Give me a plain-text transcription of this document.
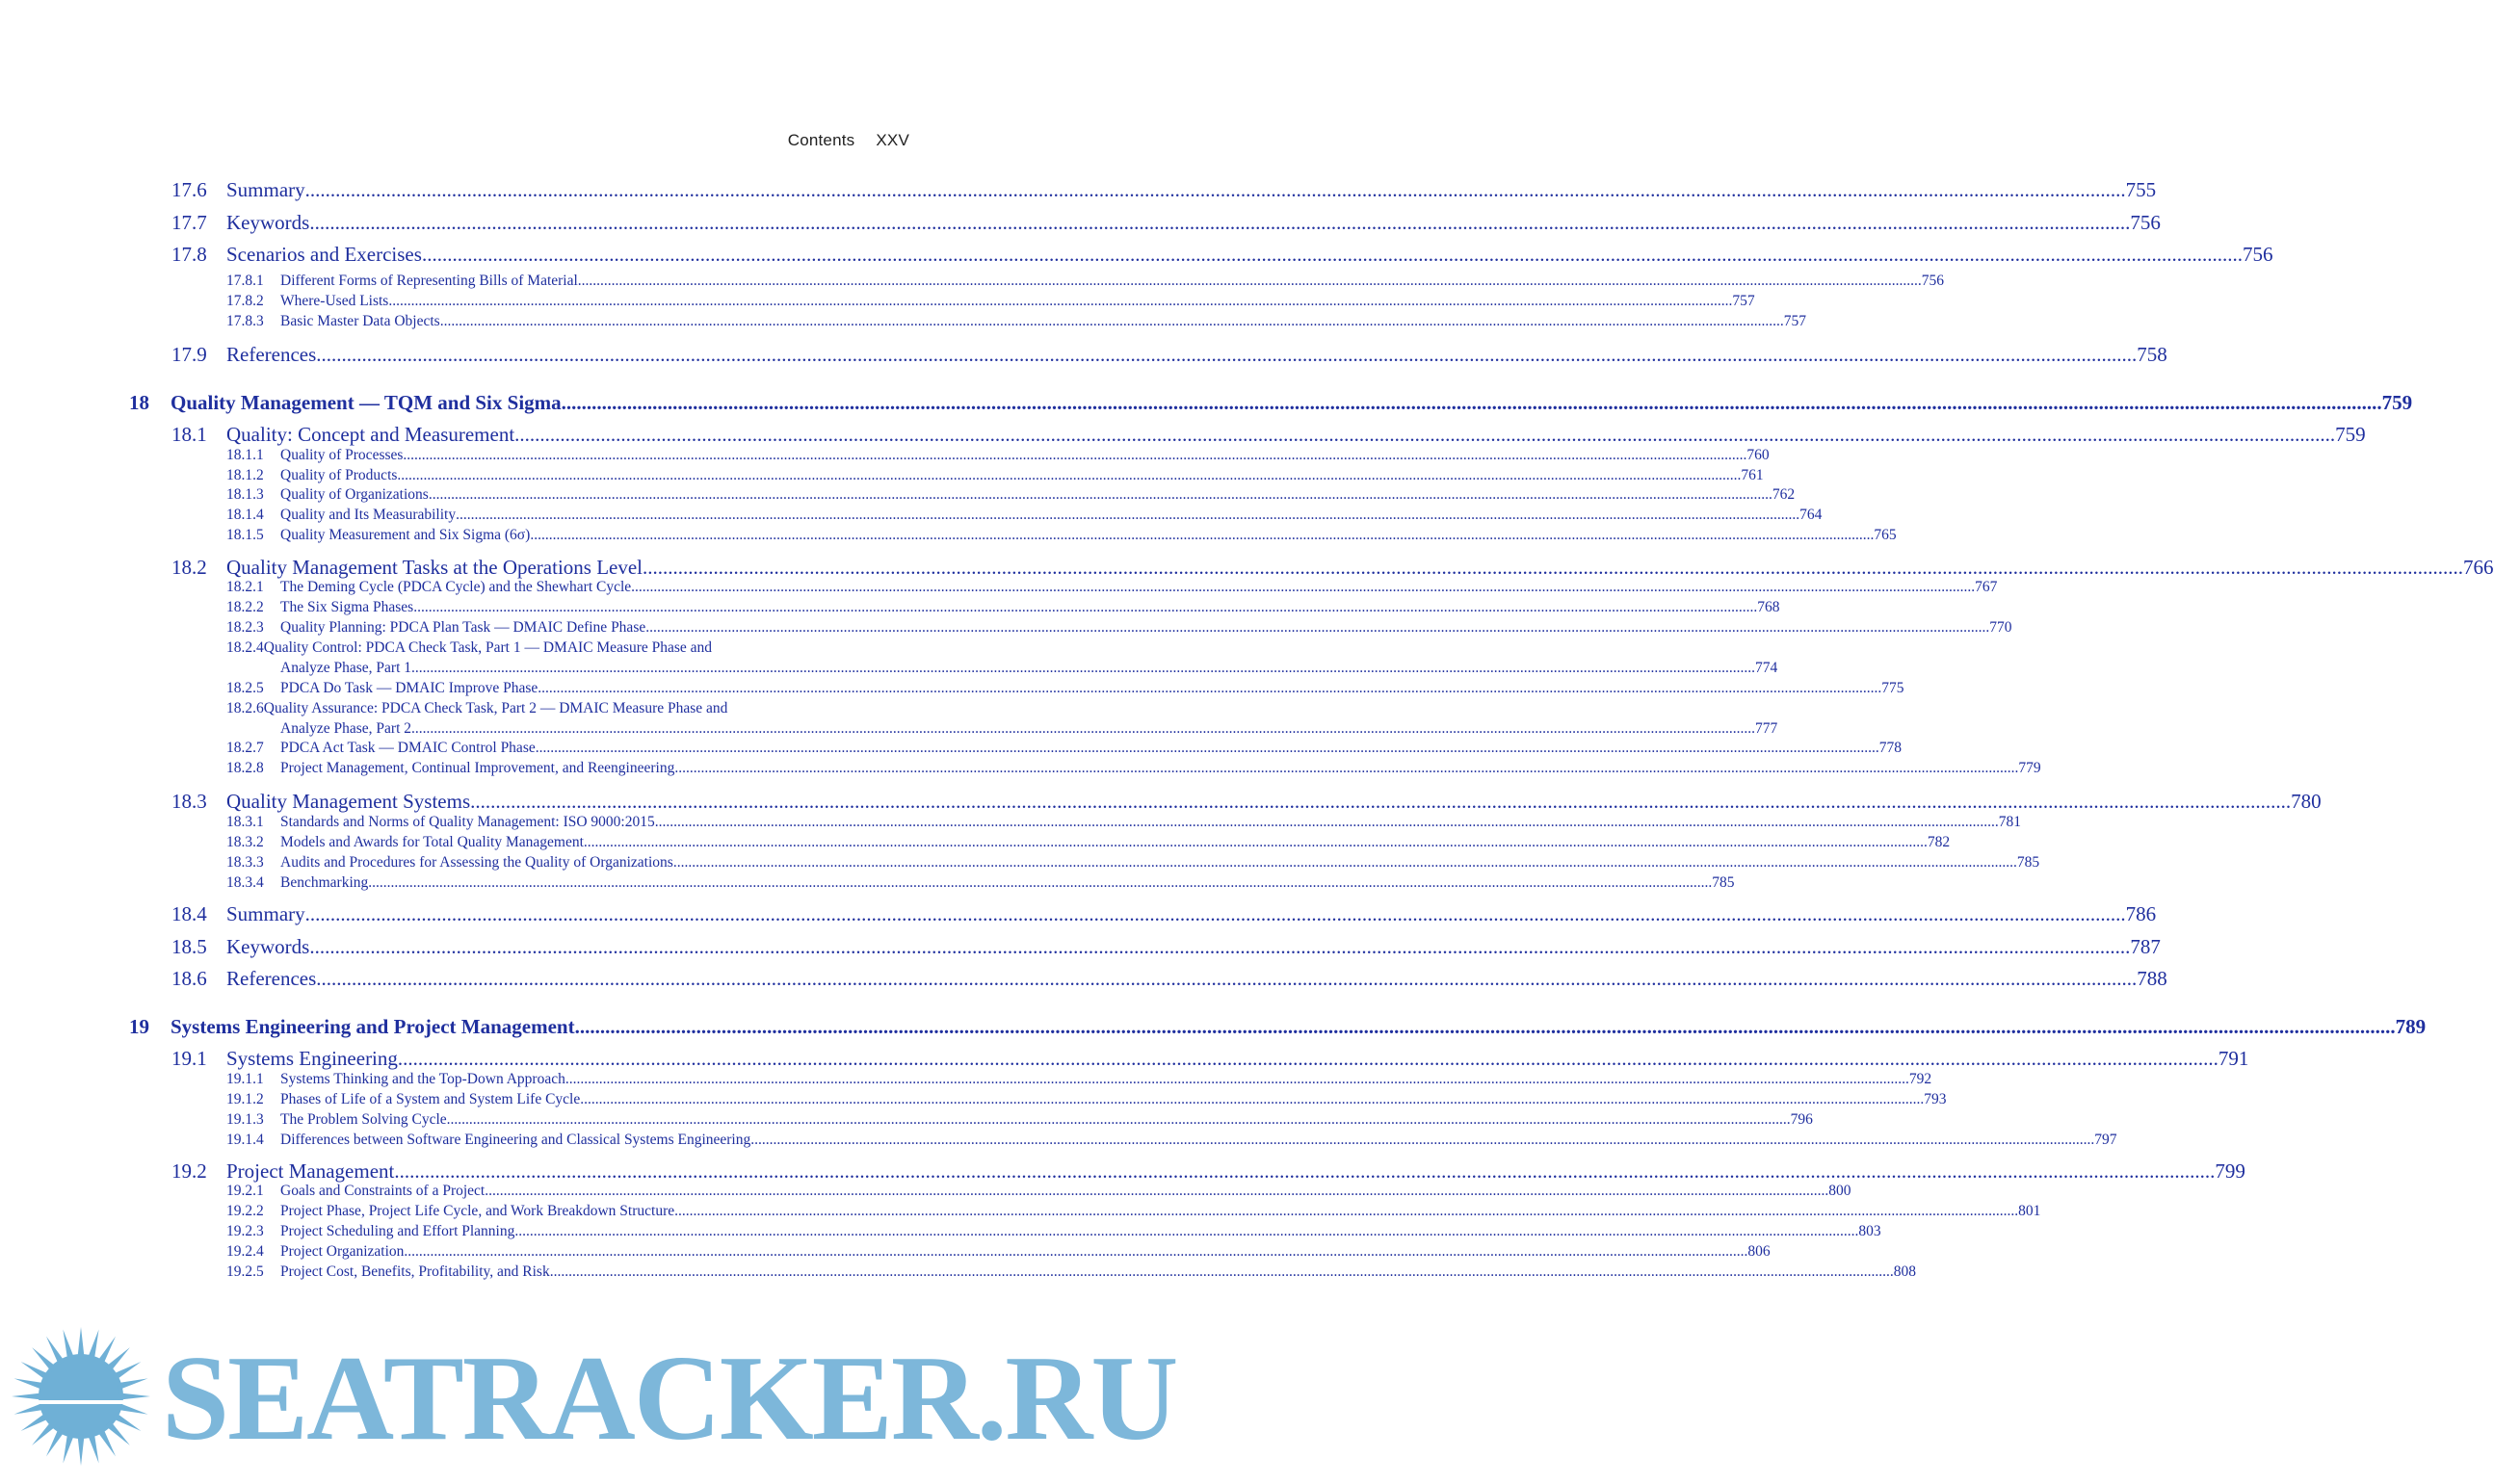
Contents XXV
17.6 Summary .....	755
17.7 Keywords .....	756
17.8 Scenarios and Exercises .....	756
17.8.1	Different Forms of Representing Bills of Material .....	756
17.8.2	Where-Used Lists .....	757
17.8.3	Basic Master Data Objects .....	757
17.9 References .....	758
18	Quality Management — TQM and Six Sigma .....	759
18.1 Quality: Concept and Measurement .....	759
18.1.1	Quality of Processes .....	760
18.1.2	Quality of Products .....	761
18.1.3	Quality of Organizations .....	762
18.1.4	Quality and Its Measurability .....	764
18.1.5	Quality Measurement and Six Sigma (6σ) .....	765
18.2 Quality Management Tasks at the Operations Level .....	766
18.2.1	The Deming Cycle (PDCA Cycle) and the Shewhart Cycle .....	767
18.2.2	The Six Sigma Phases .....	768
18.2.3	Quality Planning: PDCA Plan Task — DMAIC Define Phase .....	770
18.2.4 Quality Control: PDCA Check Task, Part 1 — DMAIC Measure Phase and
Analyze Phase, Part 1 .....	774
18.2.5	PDCA Do Task — DMAIC Improve Phase .....	775
18.2.6 Quality Assurance: PDCA Check Task, Part 2 — DMAIC Measure Phase and
Analyze Phase, Part 2 .....	777
18.2.7	PDCA Act Task — DMAIC Control Phase .....	778
18.2.8	Project Management, Continual Improvement, and Reengineering .....	779
18.3 Quality Management Systems .....	780
18.3.1	Standards and Norms of Quality Management: ISO 9000:2015 .....	781
18.3.2	Models and Awards for Total Quality Management .....	782
18.3.3	Audits and Procedures for Assessing the Quality of Organizations .....	785
18.3.4	Benchmarking .....	785
18.4 Summary .....	786
18.5 Keywords .....	787
18.6 References .....	788
19	Systems Engineering and Project Management .....	789
19.1 Systems Engineering .....	791
19.1.1	Systems Thinking and the Top-Down Approach .....	792
19.1.2	Phases of Life of a System and System Life Cycle .....	793
19.1.3	The Problem Solving Cycle .....	796
19.1.4	Differences between Software Engineering and Classical Systems Engineering .....	797
19.2 Project Management .....	799
19.2.1	Goals and Constraints of a Project .....	800
19.2.2	Project Phase, Project Life Cycle, and Work Breakdown Structure .....	801
19.2.3	Project Scheduling and Effort Planning .....	803
19.2.4	Project Organization .....	806
19.2.5	Project Cost, Benefits, Profitability, and Risk .....	808
SEATRACKER.RU
